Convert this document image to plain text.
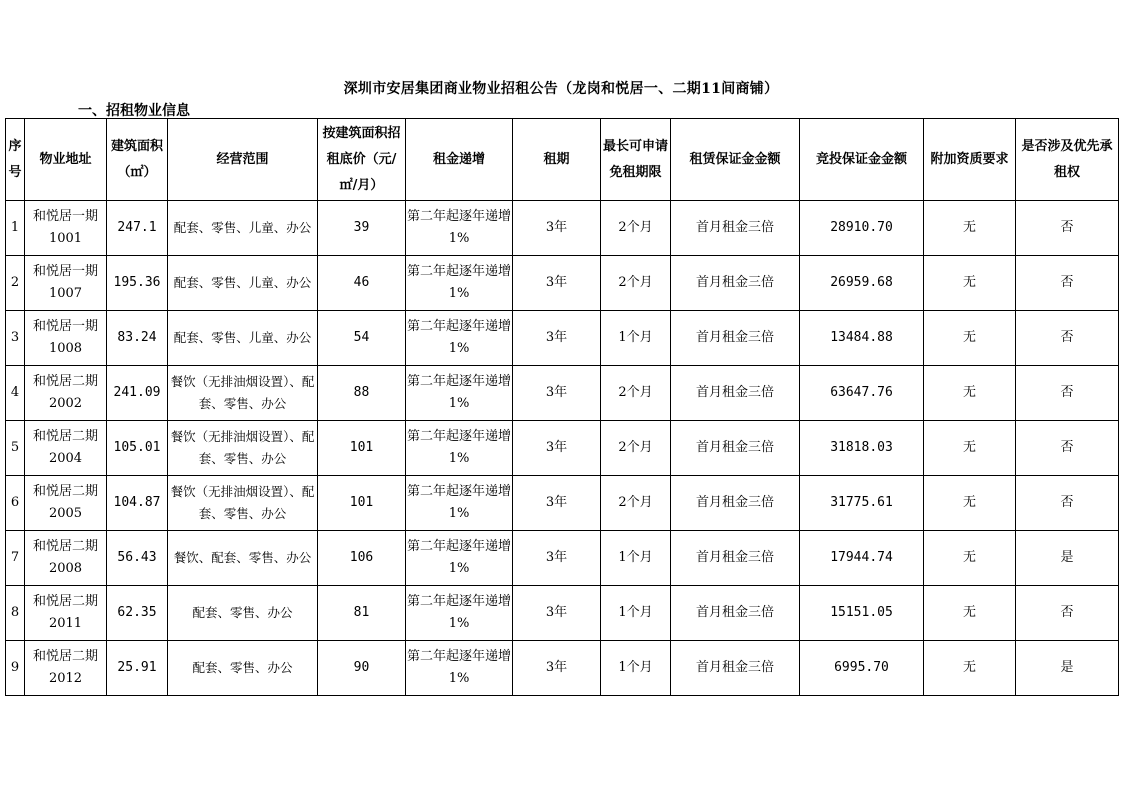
深圳市安居集团商业物业招租公告（龙岗和悦居一、二期11间商铺）
一、招租物业信息
序号	物业地址	建筑面积（㎡）	经营范围	按建筑面积招租底价（元/㎡/月）	租金递增	租期	最长可申请免租期限	租赁保证金金额	竞投保证金金额	附加资质要求	是否涉及优先承租权
1	和悦居一期1001	247.1	配套、零售、儿童、办公	39	第二年起逐年递增1%	3年	2个月	首月租金三倍	28910.70	无	否
2	和悦居一期1007	195.36	配套、零售、儿童、办公	46	第二年起逐年递增1%	3年	2个月	首月租金三倍	26959.68	无	否
3	和悦居一期1008	83.24	配套、零售、儿童、办公	54	第二年起逐年递增1%	3年	1个月	首月租金三倍	13484.88	无	否
4	和悦居二期2002	241.09	餐饮（无排油烟设置）、配套、零售、办公	88	第二年起逐年递增1%	3年	2个月	首月租金三倍	63647.76	无	否
5	和悦居二期2004	105.01	餐饮（无排油烟设置）、配套、零售、办公	101	第二年起逐年递增1%	3年	2个月	首月租金三倍	31818.03	无	否
6	和悦居二期2005	104.87	餐饮（无排油烟设置）、配套、零售、办公	101	第二年起逐年递增1%	3年	2个月	首月租金三倍	31775.61	无	否
7	和悦居二期2008	56.43	餐饮、配套、零售、办公	106	第二年起逐年递增1%	3年	1个月	首月租金三倍	17944.74	无	是
8	和悦居二期2011	62.35	配套、零售、办公	81	第二年起逐年递增1%	3年	1个月	首月租金三倍	15151.05	无	否
9	和悦居二期2012	25.91	配套、零售、办公	90	第二年起逐年递增1%	3年	1个月	首月租金三倍	6995.70	无	是
